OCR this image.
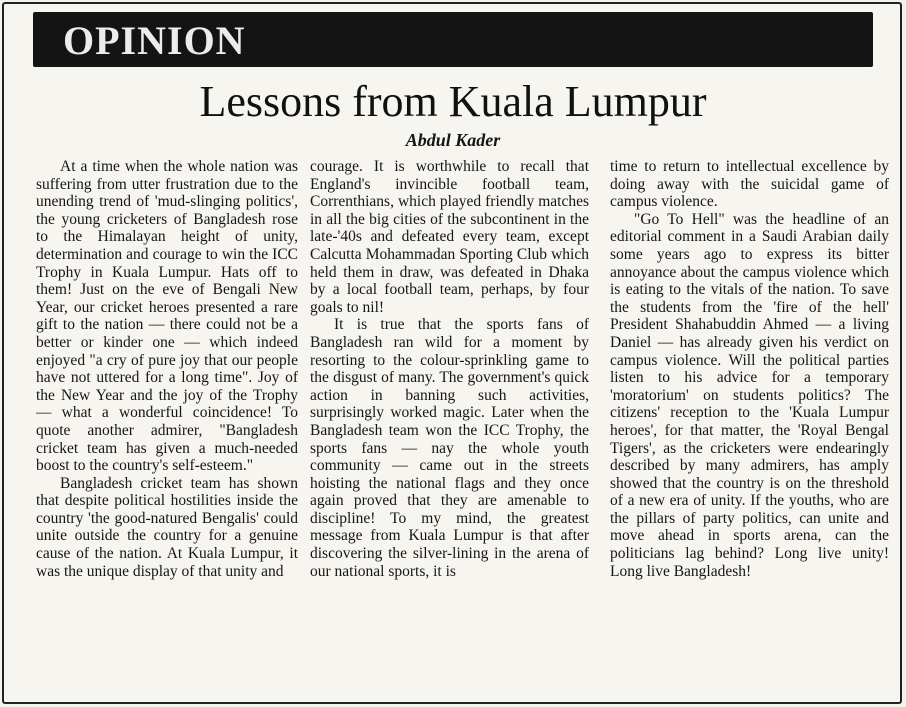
OPINION
Lessons from Kuala Lumpur
Abdul Kader

At a time when the whole nation was suffering from utter frustration due to the unending trend of 'mud-slinging politics', the young cricketers of Bangladesh rose to the Himalayan height of unity, determination and courage to win the ICC Trophy in Kuala Lumpur. Hats off to them! Just on the eve of Bengali New Year, our cricket heroes presented a rare gift to the nation — there could not be a better or kinder one — which indeed enjoyed "a cry of pure joy that our people have not uttered for a long time". Joy of the New Year and the joy of the Trophy — what a wonderful coincidence! To quote another admirer, "Bangladesh cricket team has given a much-needed boost to the country's self-esteem."

Bangladesh cricket team has shown that despite political hostilities inside the country 'the good-natured Bengalis' could unite outside the country for a genuine cause of the nation. At Kuala Lumpur, it was the unique display of that unity and

courage. It is worthwhile to recall that England's invincible football team, Correnthians, which played friendly matches in all the big cities of the subcontinent in the late-'40s and defeated every team, except Calcutta Mohammadan Sporting Club which held them in draw, was defeated in Dhaka by a local football team, perhaps, by four goals to nil!

It is true that the sports fans of Bangladesh ran wild for a moment by resorting to the colour-sprinkling game to the disgust of many. The government's quick action in banning such activities, surprisingly worked magic. Later when the Bangladesh team won the ICC Trophy, the sports fans — nay the whole youth community — came out in the streets hoisting the national flags and they once again proved that they are amenable to discipline! To my mind, the greatest message from Kuala Lumpur is that after discovering the silver-lining in the arena of our national sports, it is

time to return to intellectual excellence by doing away with the suicidal game of campus violence.

"Go To Hell" was the headline of an editorial comment in a Saudi Arabian daily some years ago to express its bitter annoyance about the campus violence which is eating to the vitals of the nation. To save the students from the 'fire of the hell' President Shahabuddin Ahmed — a living Daniel — has already given his verdict on campus violence. Will the political parties listen to his advice for a temporary 'moratorium' on students politics? The citizens' reception to the 'Kuala Lumpur heroes', for that matter, the 'Royal Bengal Tigers', as the cricketers were endearingly described by many admirers, has amply showed that the country is on the threshold of a new era of unity. If the youths, who are the pillars of party politics, can unite and move ahead in sports arena, can the politicians lag behind? Long live unity! Long live Bangladesh!
